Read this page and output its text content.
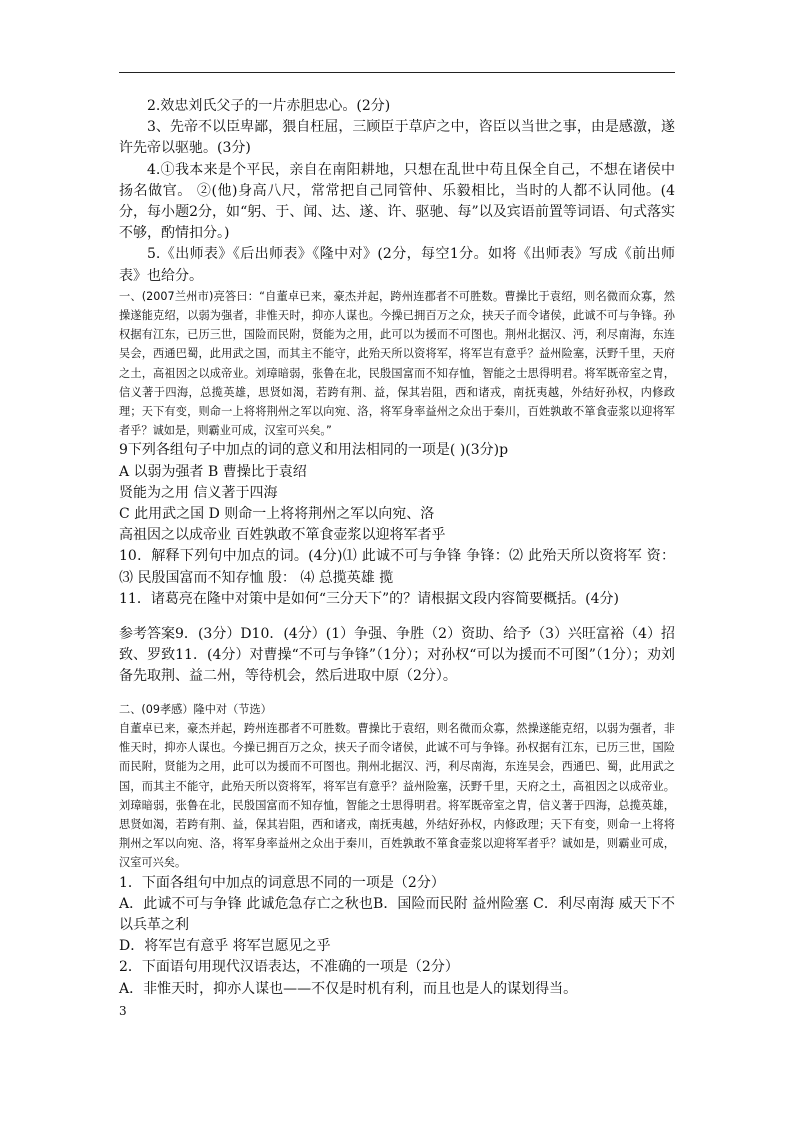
2.效忠刘氏父子的一片赤胆忠心。(2分)

3、先帝不以臣卑鄙，猥自枉屈，三顾臣于草庐之中，咨臣以当世之事，由是感激，遂许先帝以驱驰。(3分)

4.①我本来是个平民，亲自在南阳耕地，只想在乱世中苟且保全自己，不想在诸侯中扬名做官。 ②(他)身高八尺，常常把自己同管仲、乐毅相比，当时的人都不认同他。(4分，每小题2分，如“躬、于、闻、达、遂、许、驱驰、每”以及宾语前置等词语、句式落实不够，酌情扣分。)

5.《出师表》《后出师表》《隆中对》(2分，每空1分。如将《出师表》写成《前出师表》也给分。

一、(2007兰州市)亮答曰：“自董卓已来，豪杰并起，跨州连郡者不可胜数。曹操比于袁绍，则名微而众寡，然操遂能克绍，以弱为强者，非惟天时，抑亦人谋也。今操已拥百万之众，挟天子而令诸侯，此诚不可与争锋。孙权据有江东，已历三世，国险而民附，贤能为之用，此可以为援而不可图也。荆州北据汉、沔，利尽南海，东连吴会，西通巴蜀，此用武之国，而其主不能守，此殆天所以资将军，将军岂有意乎？益州险塞，沃野千里，天府之土，高祖因之以成帝业。刘璋暗弱，张鲁在北，民殷国富而不知存恤，智能之士思得明君。将军既帝室之胄，信义著于四海，总揽英雄，思贤如渴，若跨有荆、益，保其岩阻，西和诸戎，南抚夷越，外结好孙权，内修政理；天下有变，则命一上将将荆州之军以向宛、洛，将军身率益州之众出于秦川，百姓孰敢不箪食壶浆以迎将军者乎？诚如是，则霸业可成，汉室可兴矣。”

9下列各组句子中加点的词的意义和用法相同的一项是( )(3分)p

A 以弱为强者 B 曹操比于袁绍

贤能为之用 信义著于四海

C 此用武之国 D 则命一上将将荆州之军以向宛、洛

高祖因之以成帝业 百姓孰敢不箪食壶浆以迎将军者乎

10．解释下列句中加点的词。(4分)⑴ 此诚不可与争锋 争锋：⑵ 此殆天所以资将军 资：⑶ 民殷国富而不知存恤 殷： ⑷ 总揽英雄 揽

11．诸葛亮在隆中对策中是如何“三分天下”的？请根据文段内容简要概括。(4分)

参考答案9．(3分）D10．(4分）(1）争强、争胜（2）资助、给予（3）兴旺富裕（4）招致、罗致11．(4分）对曹操“不可与争锋”（1分）；对孙权“可以为援而不可图”（1分）；劝刘备先取荆、益二州，等待机会，然后进取中原（2分）。

二、(09孝感）隆中对（节选）

自董卓已来，豪杰并起，跨州连郡者不可胜数。曹操比于袁绍，则名微而众寡，然操遂能克绍，以弱为强者，非惟天时，抑亦人谋也。今操已拥百万之众，挟天子而令诸侯，此诚不可与争锋。孙权据有江东，已历三世，国险而民附，贤能为之用，此可以为援而不可图也。荆州北据汉、沔，利尽南海，东连吴会，西通巴、蜀，此用武之国，而其主不能守，此殆天所以资将军，将军岂有意乎？益州险塞，沃野千里，天府之土，高祖因之以成帝业。刘璋暗弱，张鲁在北，民殷国富而不知存恤，智能之士思得明君。将军既帝室之胄，信义著于四海，总揽英雄，思贤如渴，若跨有荆、益，保其岩阻，西和诸戎，南抚夷越，外结好孙权，内修政理；天下有变，则命一上将将荆州之军以向宛、洛，将军身率益州之众出于秦川，百姓孰敢不箪食壶浆以迎将军者乎？诚如是，则霸业可成，汉室可兴矣。

1．下面各组句中加点的词意思不同的一项是（2分）

A．此诚不可与争锋 此诚危急存亡之秋也B．国险而民附 益州险塞 C．利尽南海 威天下不以兵革之利

D．将军岂有意乎 将军岂愿见之乎

2．下面语句用现代汉语表达，不准确的一项是（2分）

A．非惟天时，抑亦人谋也——不仅是时机有利，而且也是人的谋划得当。

3
